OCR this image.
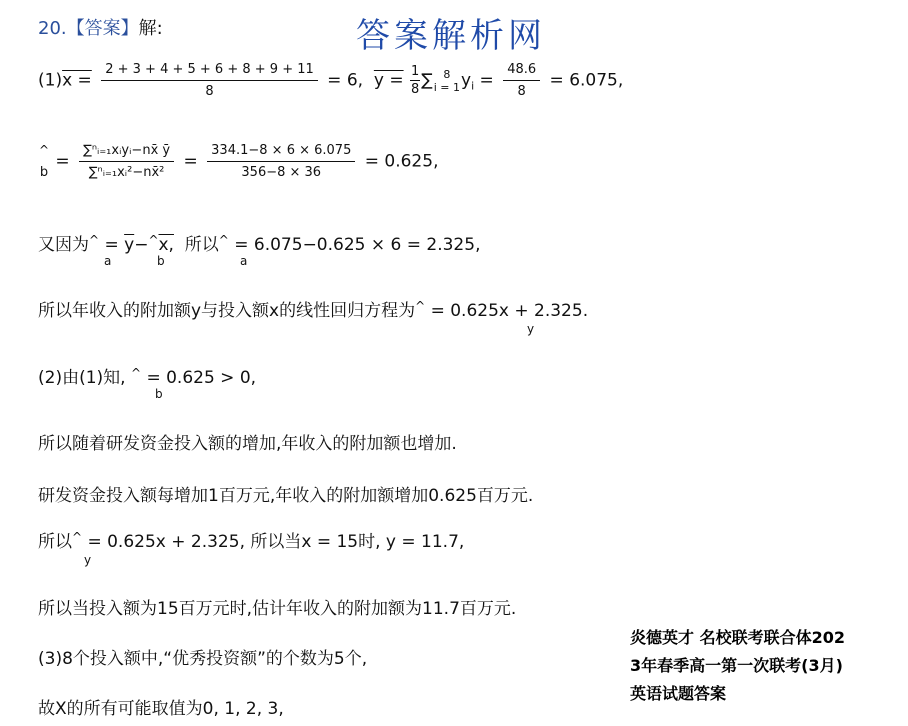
20.【答案】解:	答案解析网
$(1)x = \frac{2 + 3 + 4 + 5 + 6 + 8 + 9 + 11}{8} = 6$, $y = \frac{1}{8}$ ∑ 8
i = 1 $y_i = \frac{48.6}{8} = 6.075$,
^
b
= $\frac{\text{∑ⁿᵢ₌₁xᵢyᵢ−nx̄ ȳ}}{\text{∑ⁿᵢ₌₁xᵢ²−nx̄²}} = \frac{334.1-8 \times 6 \times 6.075}{356-8 \times 36} = 0.625$,
又因为$^{\^{}} = \overline{y}-^{\^{}}x$, 所以^ = 6.075−0.625 × 6 = 2.325,
a	b	a
所以年收入的附加额y与投入额x的线性回归方程为^ = 0.625x + 2.325.
y
(2)由(1)知, ^ = 0.625 > 0,
b
所以随着研发资金投入额的增加,年收入的附加额也增加.
研发资金投入额每增加1百万元,年收入的附加额增加0.625百万元.
所以^ = 0.625x + 2.325, 所以当x = 15时, y = 11.7,
y
所以当投入额为15百万元时,估计年收入的附加额为11.7百万元.
(3)8个投入额中,“优秀投资额”的个数为5个,
故X的所有可能取值为0, 1, 2, 3,
炎德英才 名校联考联合体202
3年春季高一第一次联考(3月)
英语试题答案
